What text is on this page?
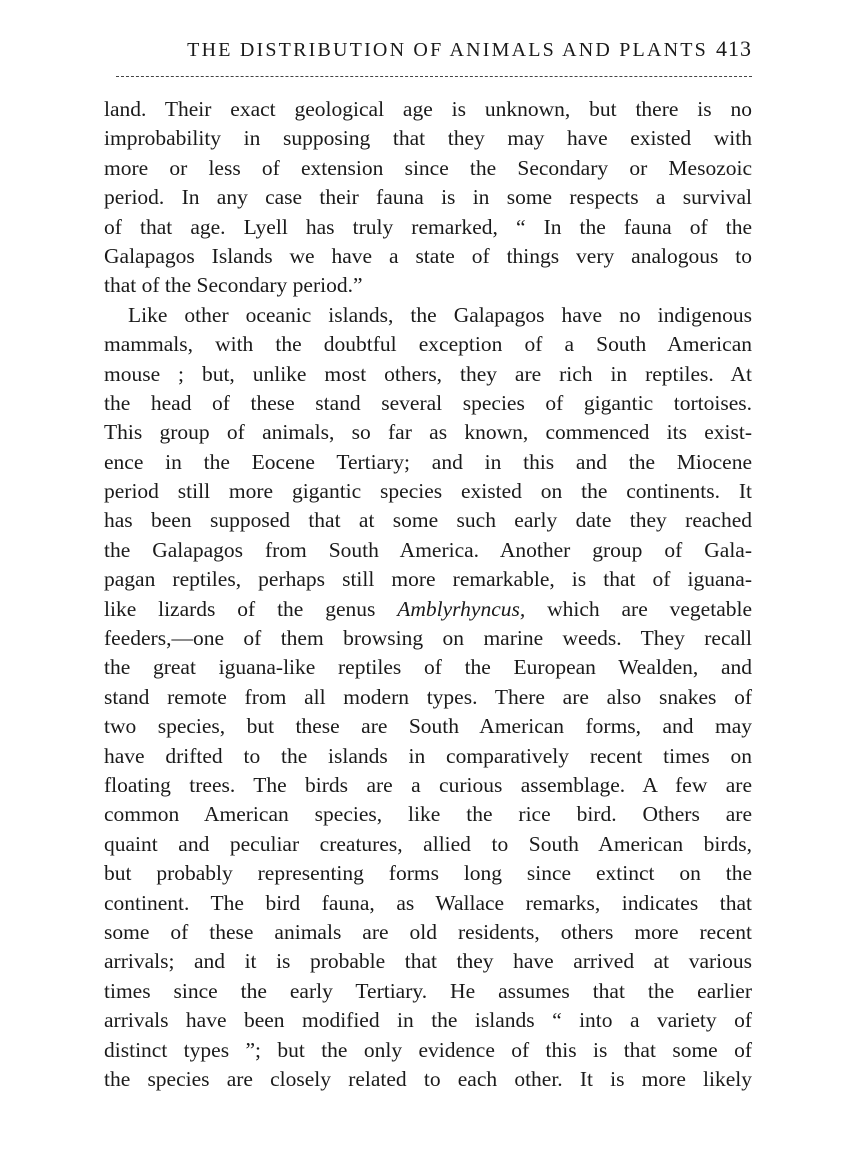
THE DISTRIBUTION OF ANIMALS AND PLANTS 413
land. Their exact geological age is unknown, but there is no
improbability in supposing that they may have existed with
more or less of extension since the Secondary or Mesozoic
period. In any case their fauna is in some respects a survival
of that age. Lyell has truly remarked, “ In the fauna of the
Galapagos Islands we have a state of things very analogous to
that of the Secondary period.”
Like other oceanic islands, the Galapagos have no indigenous
mammals, with the doubtful exception of a South American
mouse ; but, unlike most others, they are rich in reptiles. At
the head of these stand several species of gigantic tortoises.
This group of animals, so far as known, commenced its exist-
ence in the Eocene Tertiary; and in this and the Miocene
period still more gigantic species existed on the continents. It
has been supposed that at some such early date they reached
the Galapagos from South America. Another group of Gala-
pagan reptiles, perhaps still more remarkable, is that of iguana-
like lizards of the genus Amblyrhyncus, which are vegetable
feeders,—one of them browsing on marine weeds. They recall
the great iguana-like reptiles of the European Wealden, and
stand remote from all modern types. There are also snakes of
two species, but these are South American forms, and may
have drifted to the islands in comparatively recent times on
floating trees. The birds are a curious assemblage. A few are
common American species, like the rice bird. Others are
quaint and peculiar creatures, allied to South American birds,
but probably representing forms long since extinct on the
continent. The bird fauna, as Wallace remarks, indicates that
some of these animals are old residents, others more recent
arrivals; and it is probable that they have arrived at various
times since the early Tertiary. He assumes that the earlier
arrivals have been modified in the islands “ into a variety of
distinct types ”; but the only evidence of this is that some of
the species are closely related to each other. It is more likely
